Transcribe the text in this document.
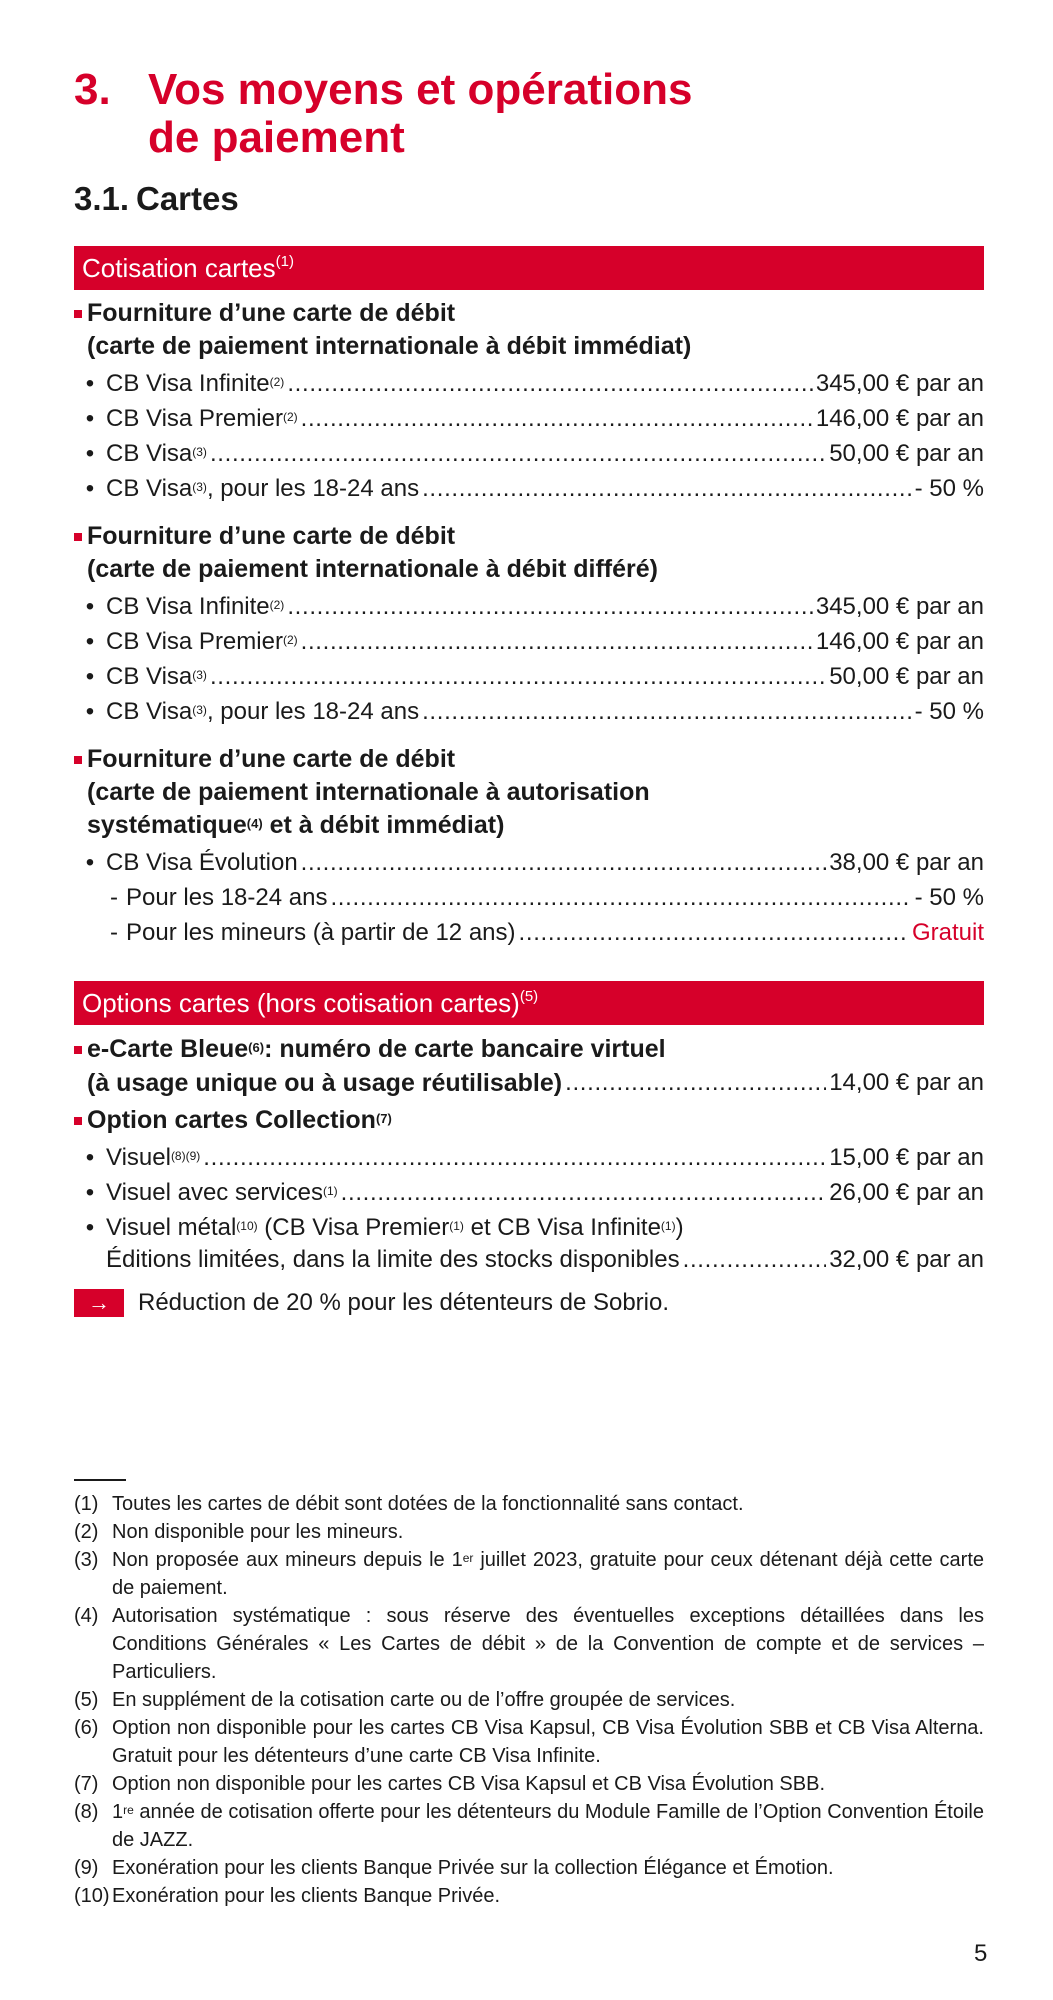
3. Vos moyens et opérations
de paiement
3.1. Cartes
Cotisation cartes$^{(1)}$
Fourniture d’une carte de débit
(carte de paiement internationale à débit immédiat)
• CB Visa Infinite$^{(2)}$ . . .	345,00 € par an
• CB Visa Premier$^{(2)}$ . . .	146,00 € par an
• CB Visa$^{(3)}$ . . .	50,00 € par an
• CB Visa$^{(3)}$, pour les 18-24 ans . . .	- 50 %
Fourniture d’une carte de débit
(carte de paiement internationale à débit différé)
• CB Visa Infinite$^{(2)}$ . . .	345,00 € par an
• CB Visa Premier$^{(2)}$ . . .	146,00 € par an
• CB Visa$^{(3)}$ . . .	50,00 € par an
• CB Visa$^{(3)}$, pour les 18-24 ans . . .	- 50 %
Fourniture d’une carte de débit
(carte de paiement internationale à autorisation
systématique$^{(4)}$ et à débit immédiat)
• CB Visa Évolution . . .	38,00 € par an
- Pour les 18-24 ans . . .	- 50 %
- Pour les mineurs (à partir de 12 ans) . . .	Gratuit
Options cartes (hors cotisation cartes)$^{(5)}$
e-Carte Bleue$^{(6)}$: numéro de carte bancaire virtuel
(à usage unique ou à usage réutilisable) . . .	14,00 € par an
Option cartes Collection$^{(7)}$
• Visuel$^{(8)(9)}$ . . .	15,00 € par an
• Visuel avec services$^{(1)}$ . . .	26,00 € par an
• Visuel métal$^{(10)}$ (CB Visa Premier$^{(1)}$ et CB Visa Infinite$^{(1)}$)
Éditions limitées, dans la limite des stocks disponibles . . .	32,00 € par an
→	Réduction de 20 % pour les détenteurs de Sobrio.
(1) Toutes les cartes de débit sont dotées de la fonctionnalité sans contact.
(2) Non disponible pour les mineurs.
(3) Non proposée aux mineurs depuis le 1er juillet 2023, gratuite pour ceux détenant déjà cette carte de paiement.
(4) Autorisation systématique : sous réserve des éventuelles exceptions détaillées dans les Conditions Générales « Les Cartes de débit » de la Convention de compte et de services – Particuliers.
(5) En supplément de la cotisation carte ou de l’offre groupée de services.
(6) Option non disponible pour les cartes CB Visa Kapsul, CB Visa Évolution SBB et CB Visa Alterna. Gratuit pour les détenteurs d’une carte CB Visa Infinite.
(7) Option non disponible pour les cartes CB Visa Kapsul et CB Visa Évolution SBB.
(8) 1re année de cotisation offerte pour les détenteurs du Module Famille de l’Option Convention Étoile de JAZZ.
(9) Exonération pour les clients Banque Privée sur la collection Élégance et Émotion.
(10) Exonération pour les clients Banque Privée.
5
